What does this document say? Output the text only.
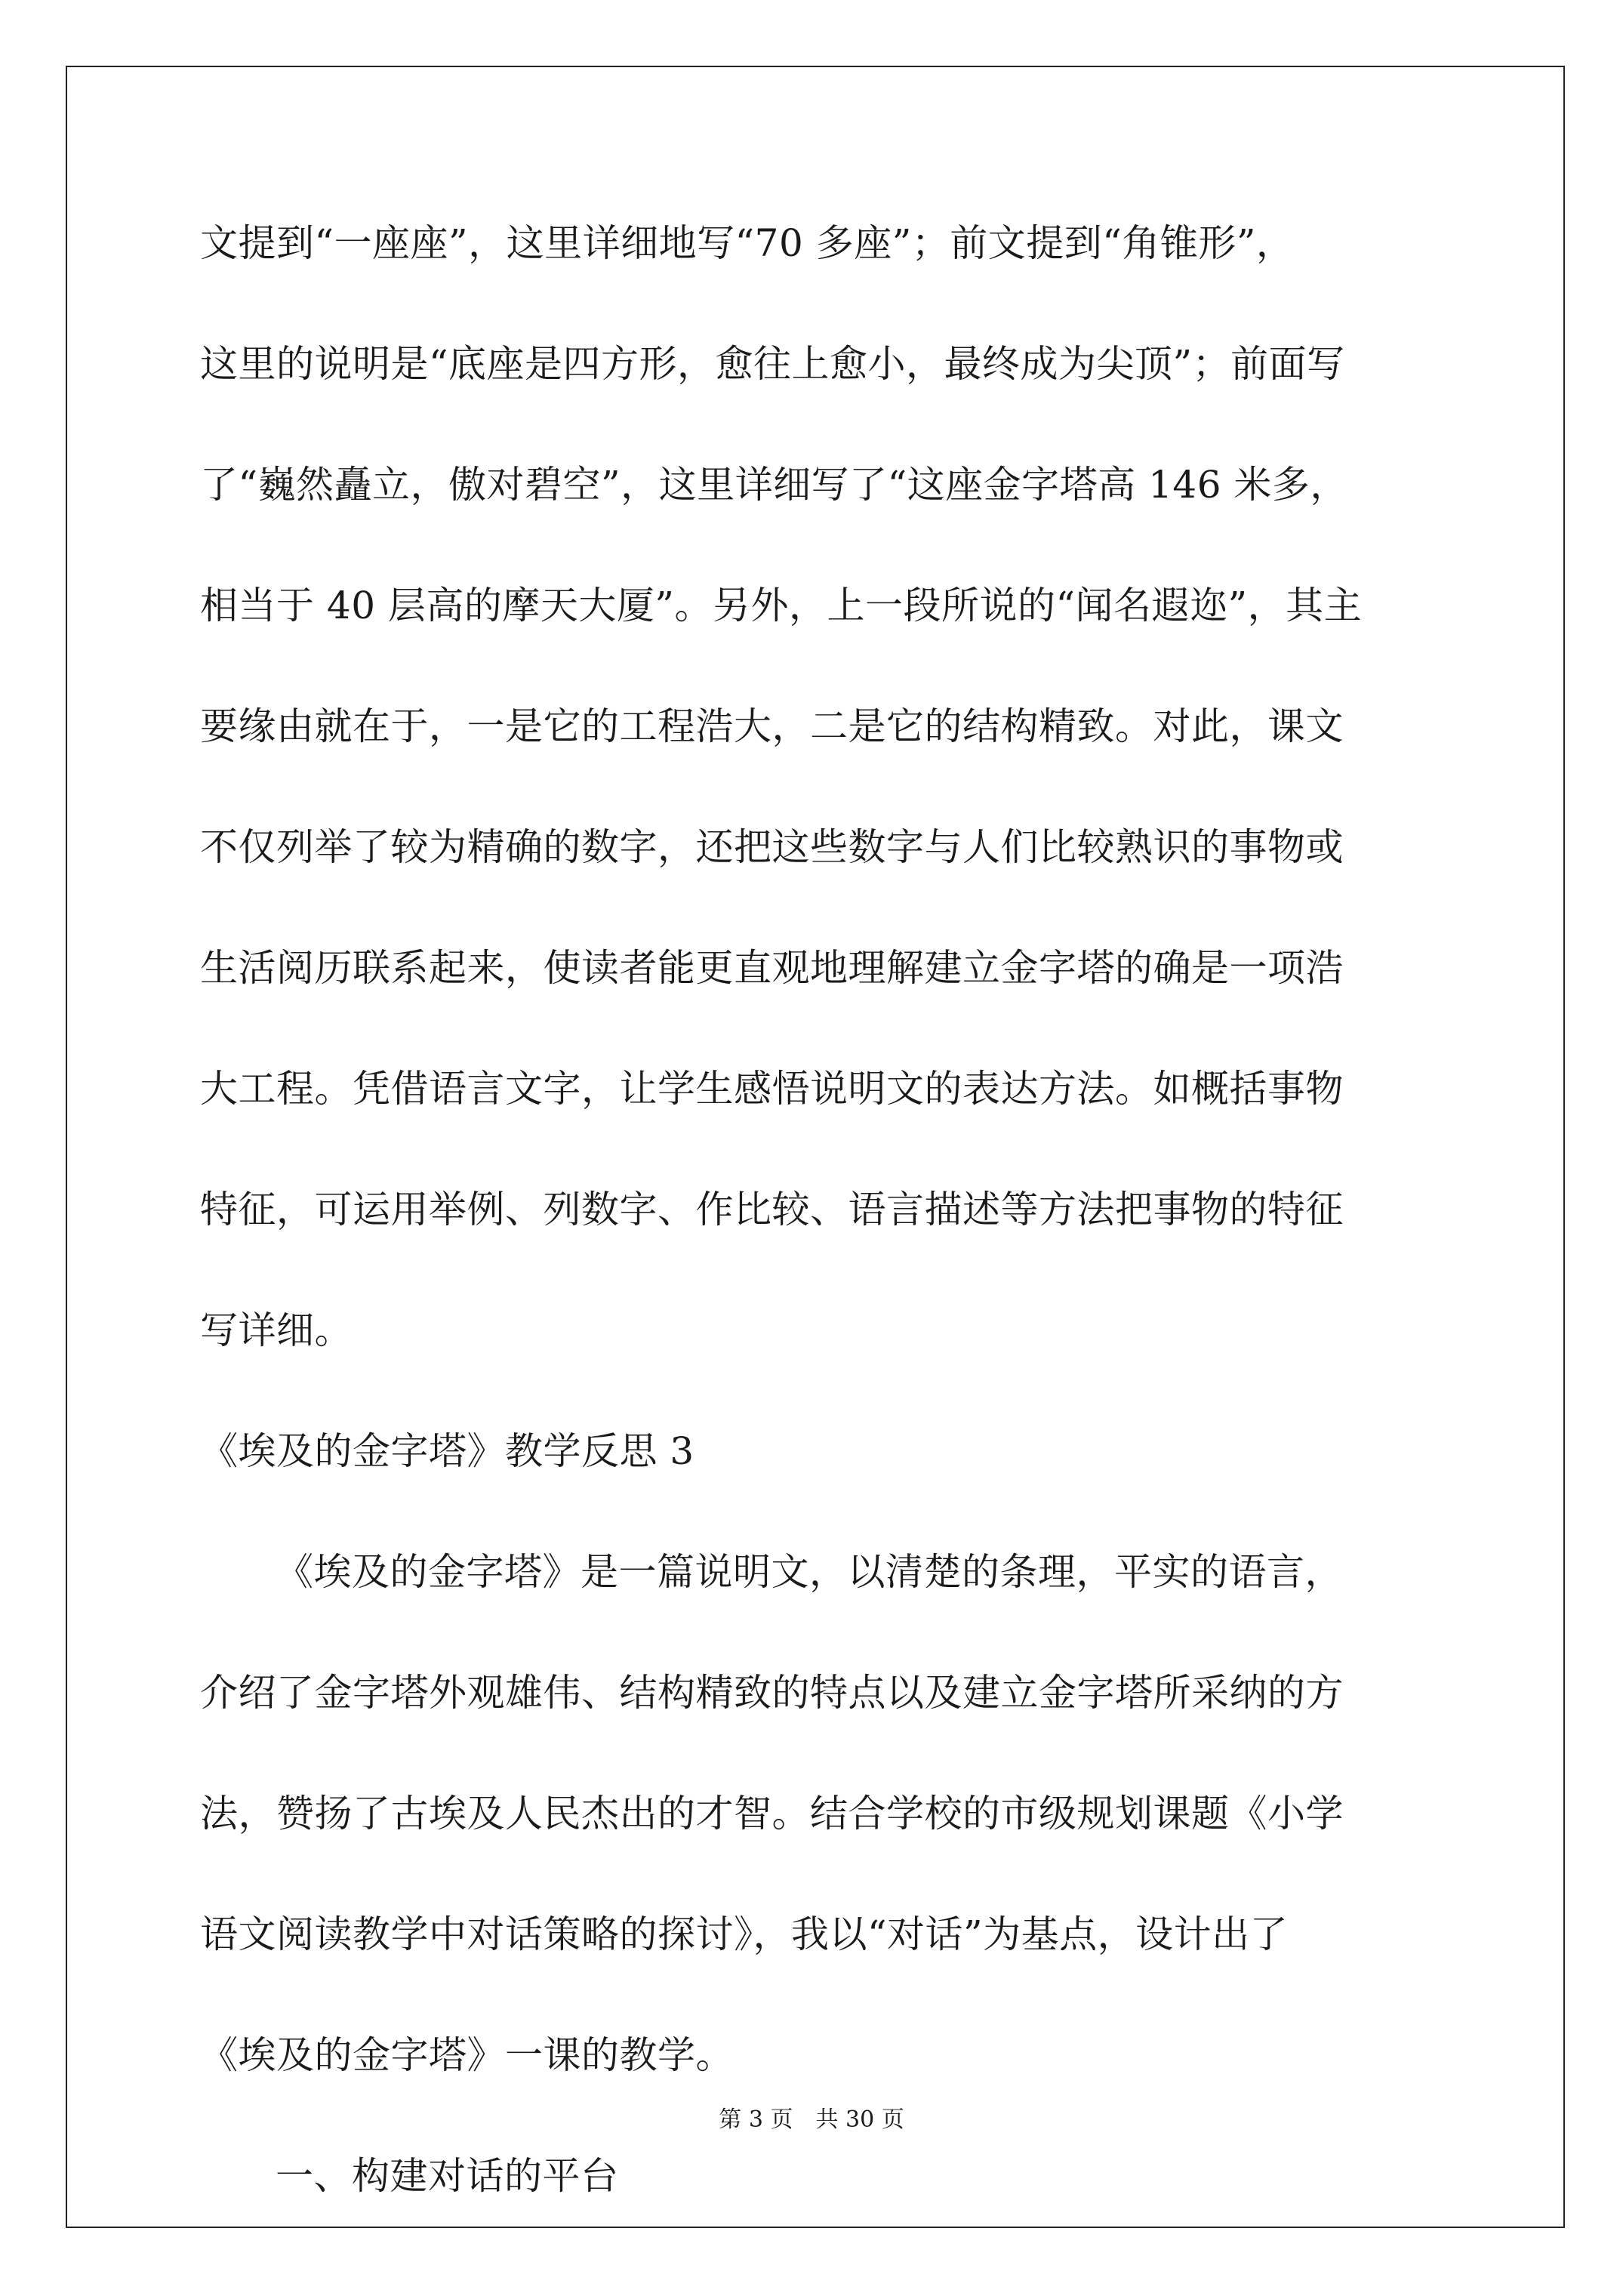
文提到“一座座”，这里详细地写“70 多座”；前文提到“角锥形”，
这里的说明是“底座是四方形，愈往上愈小，最终成为尖顶”；前面写
了“巍然矗立，傲对碧空”，这里详细写了“这座金字塔高 146 米多，
相当于 40 层高的摩天大厦”。另外，上一段所说的“闻名遐迩”，其主
要缘由就在于，一是它的工程浩大，二是它的结构精致。对此，课文
不仅列举了较为精确的数字，还把这些数字与人们比较熟识的事物或
生活阅历联系起来，使读者能更直观地理解建立金字塔的确是一项浩
大工程。凭借语言文字，让学生感悟说明文的表达方法。如概括事物
特征，可运用举例、列数字、作比较、语言描述等方法把事物的特征
写详细。
《埃及的金字塔》教学反思 3
《埃及的金字塔》是一篇说明文，以清楚的条理，平实的语言，
介绍了金字塔外观雄伟、结构精致的特点以及建立金字塔所采纳的方
法，赞扬了古埃及人民杰出的才智。结合学校的市级规划课题《小学
语文阅读教学中对话策略的探讨》，我以“对话”为基点，设计出了
《埃及的金字塔》一课的教学。
一、构建对话的平台
第 3 页　共 30 页
